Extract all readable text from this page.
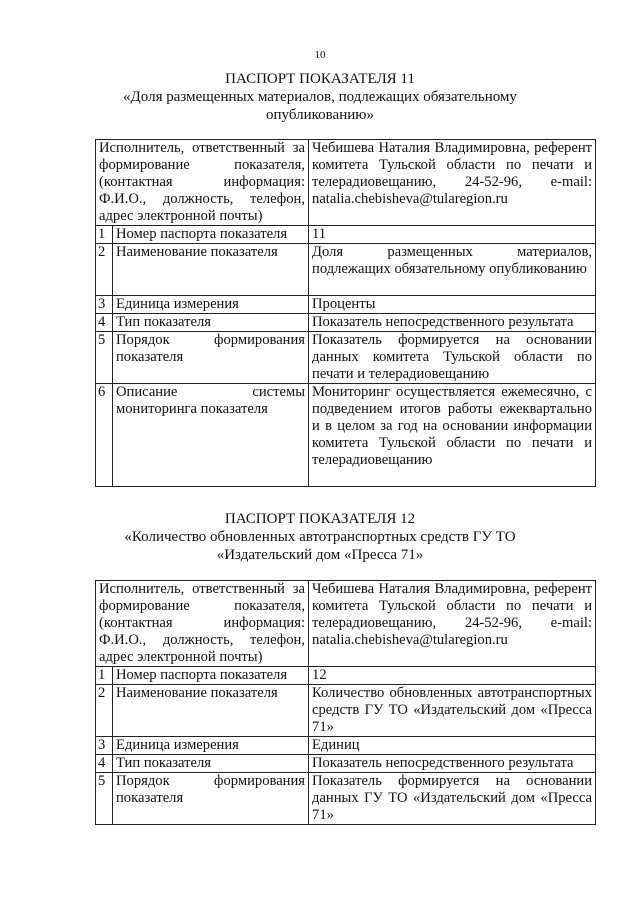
10
ПАСПОРТ ПОКАЗАТЕЛЯ 11
«Доля размещенных материалов, подлежащих обязательному
опубликованию»
Исполнитель, ответственный за формирование показателя, (контактная информация: Ф.И.О., должность, телефон, адрес электронной почты)		Чебишева Наталия Владимировна, референт комитета Тульской области по печати и телерадиовещанию, 24-52-96, e-mail: natalia.chebisheva@tularegion.ru
1	Номер паспорта показателя	11
2	Наименование показателя	Доля размещенных материалов, подлежащих обязательному опубликованию
3	Единица измерения	Проценты
4	Тип показателя	Показатель непосредственного результата
5	Порядок формирования показателя	Показатель формируется на основании данных комитета Тульской области по печати и телерадиовещанию
6	Описание системы мониторинга показателя	Мониторинг осуществляется ежемесячно, с подведением итогов работы ежеквартально и в целом за год на основании информации комитета Тульской области по печати и телерадиовещанию
ПАСПОРТ ПОКАЗАТЕЛЯ 12
«Количество обновленных автотранспортных средств ГУ ТО
«Издательский дом «Пресса 71»
Исполнитель, ответственный за формирование показателя, (контактная информация: Ф.И.О., должность, телефон, адрес электронной почты)		Чебишева Наталия Владимировна, референт комитета Тульской области по печати и телерадиовещанию, 24-52-96, e-mail: natalia.chebisheva@tularegion.ru
1	Номер паспорта показателя	12
2	Наименование показателя	Количество обновленных автотранспортных средств ГУ ТО «Издательский дом «Пресса 71»
3	Единица измерения	Единиц
4	Тип показателя	Показатель непосредственного результата
5	Порядок формирования показателя	Показатель формируется на основании данных ГУ ТО «Издательский дом «Пресса 71»
